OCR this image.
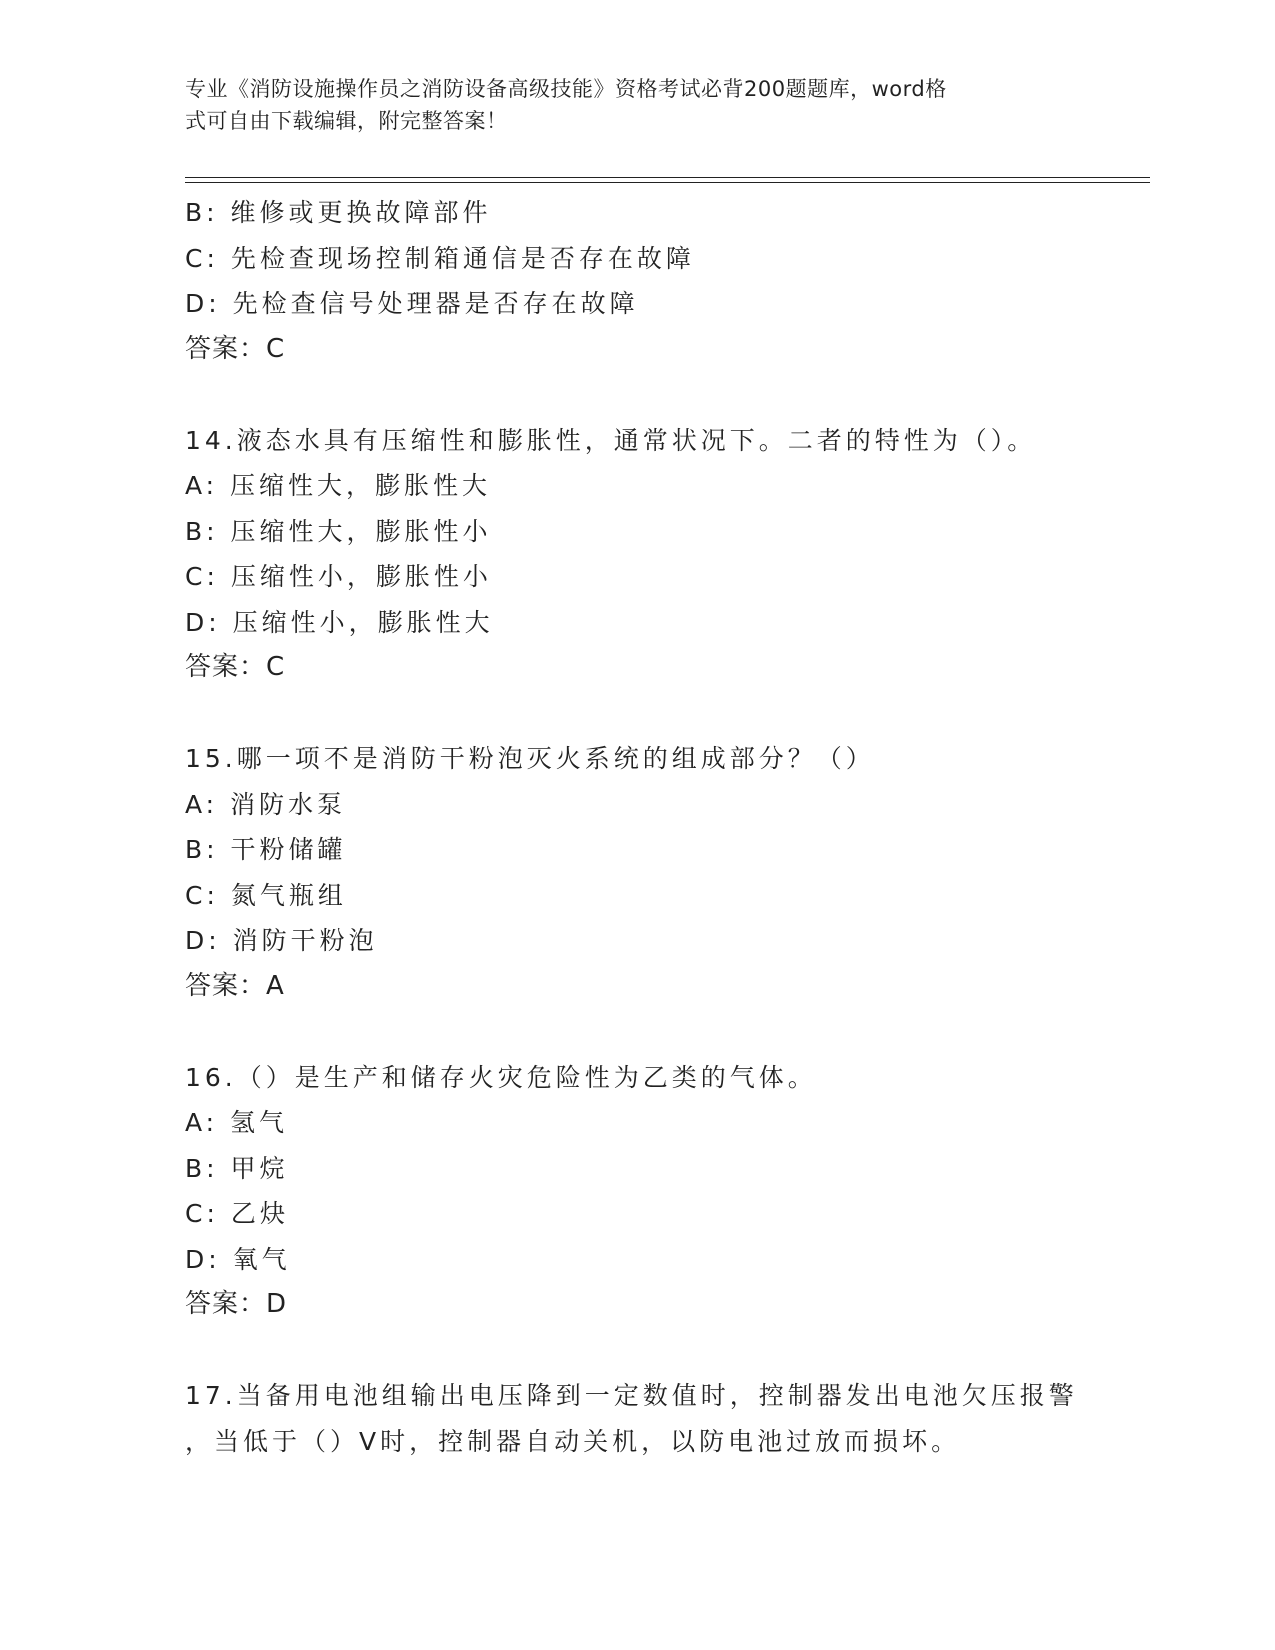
专业《消防设施操作员之消防设备高级技能》资格考试必背200题题库，word格
式可自由下载编辑，附完整答案！
B: 维修或更换故障部件
C: 先检查现场控制箱通信是否存在故障
D: 先检查信号处理器是否存在故障
答案：C
14.液态水具有压缩性和膨胀性，通常状况下。二者的特性为（）。
A: 压缩性大，膨胀性大
B: 压缩性大，膨胀性小
C: 压缩性小，膨胀性小
D: 压缩性小，膨胀性大
答案：C
15.哪一项不是消防干粉泡灭火系统的组成部分？（）
A: 消防水泵
B: 干粉储罐
C: 氮气瓶组
D: 消防干粉泡
答案：A
16.（）是生产和储存火灾危险性为乙类的气体。
A: 氢气
B: 甲烷
C: 乙炔
D: 氧气
答案：D
17.当备用电池组输出电压降到一定数值时，控制器发出电池欠压报警
，当低于（）V时，控制器自动关机，以防电池过放而损坏。
